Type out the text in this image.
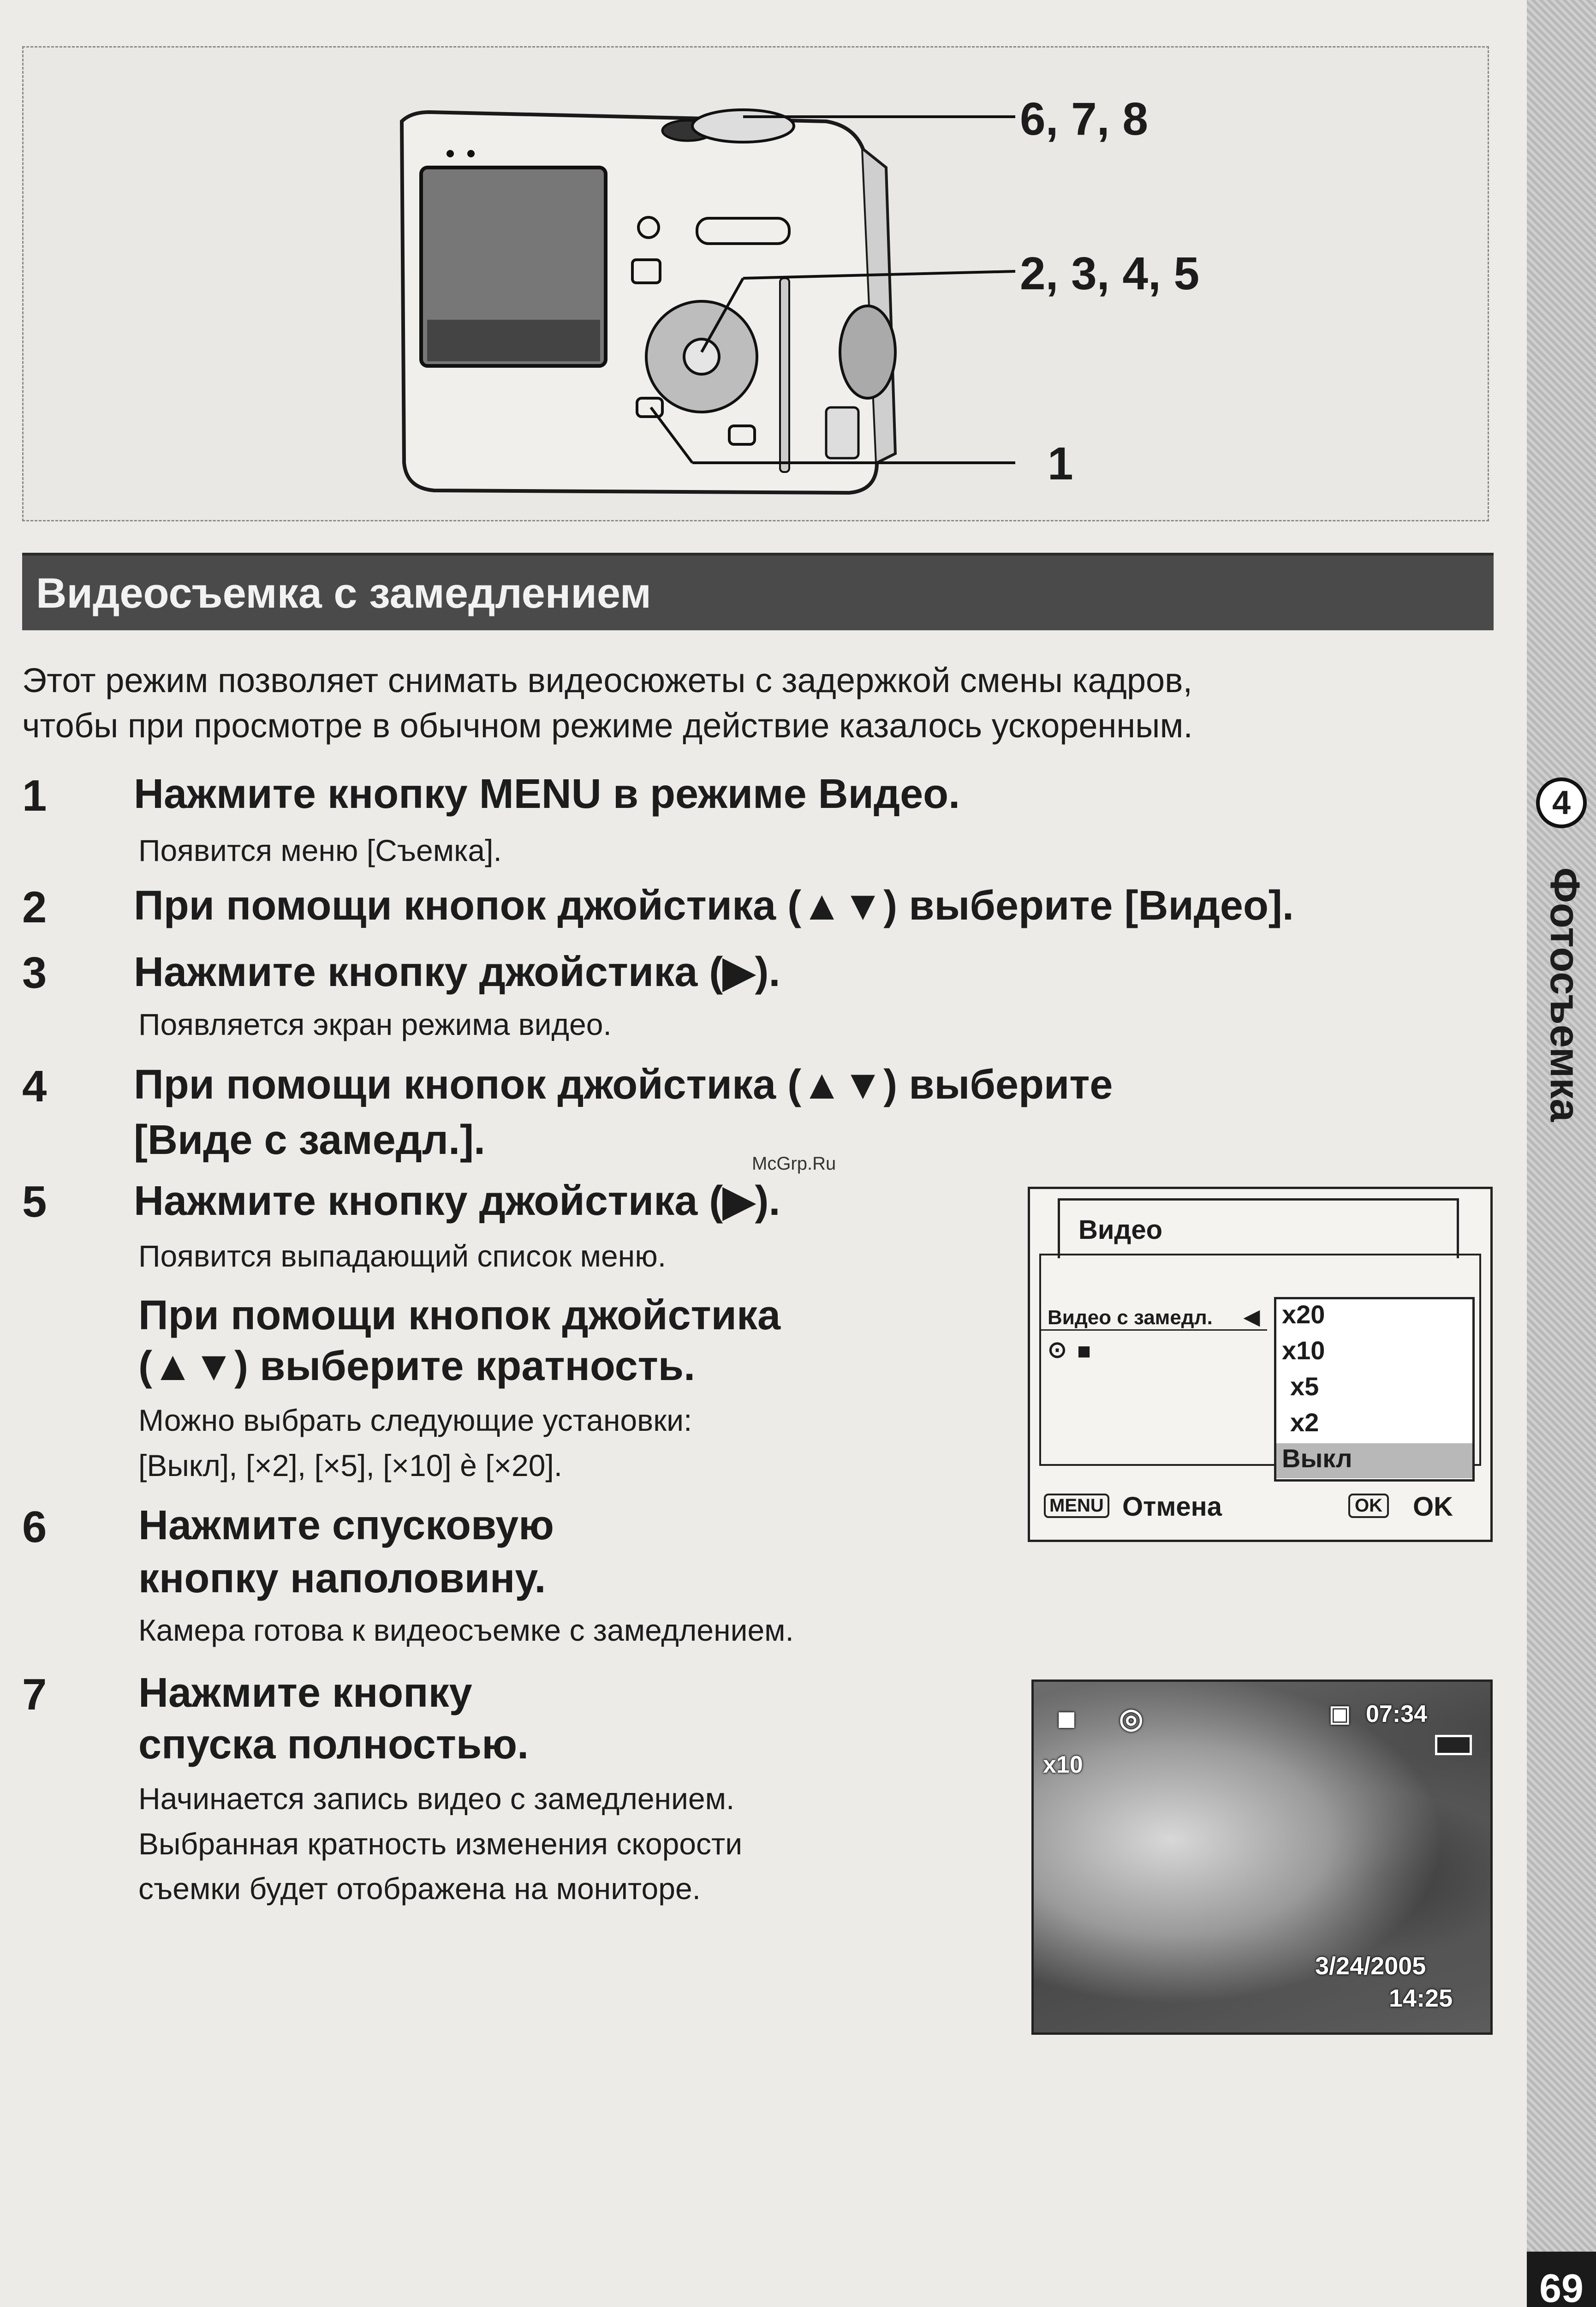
6, 7, 8
2, 3, 4, 5
1
Видеосъемка с замедлением
Этот режим позволяет снимать видеосюжеты с задержкой смены кадров,
чтобы при просмотре в обычном режиме действие казалось ускоренным.
1 Нажмите кнопку MENU в режиме Видео.
Появится меню [Съемка].
2 При помощи кнопок джойстика (▲▼) выберите [Видео].
3 Нажмите кнопку джойстика (▶).
Появляется экран режима видео.
4 При помощи кнопок джойстика (▲▼) выберите
[Виде с замедл.].
5 Нажмите кнопку джойстика (▶).
Появится выпадающий список меню.
При помощи кнопок джойстика
(▲▼) выберите кратность.
Можно выбрать следующие установки:
[Выкл], [×2], [×5], [×10] è [×20].
6 Нажмите спусковую
кнопку наполовину.
Камера готова к видеосъемке с замедлением.
7 Нажмите кнопку
спуска полностью.
Начинается запись видео с замедлением.
Выбранная кратность изменения скорости
съемки будет отображена на мониторе.
Видео
Видео с замедл. ◀
⊙ ■
x20
x10
x5
x2
Выкл
MENU Отмена	OK OK
■ ◎
x10
▣ 07:34
3/24/2005
14:25
McGrp.Ru
4
Фотосъемка
69
